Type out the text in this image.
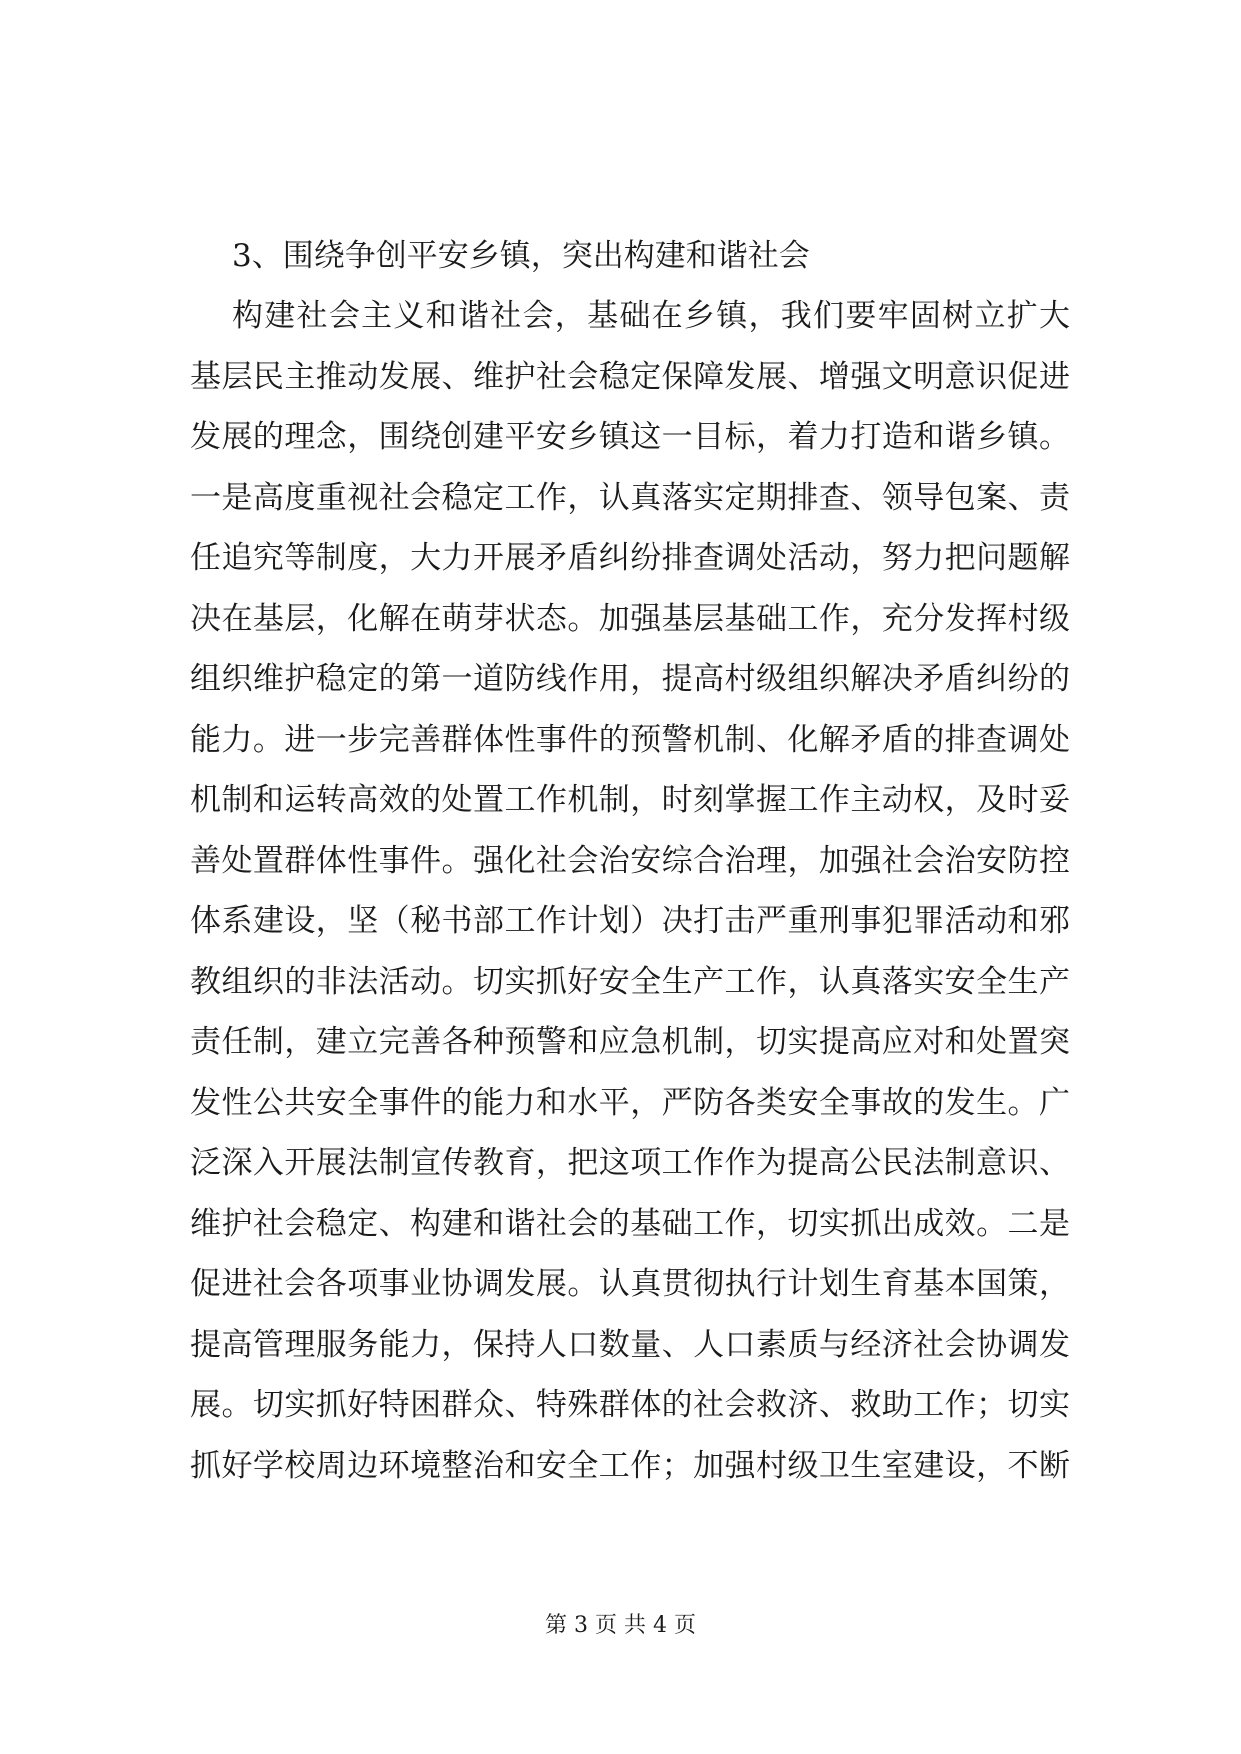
3、围绕争创平安乡镇，突出构建和谐社会
构建社会主义和谐社会，基础在乡镇，我们要牢固树立扩大
基层民主推动发展、维护社会稳定保障发展、增强文明意识促进
发展的理念，围绕创建平安乡镇这一目标，着力打造和谐乡镇。
一是高度重视社会稳定工作，认真落实定期排查、领导包案、责
任追究等制度，大力开展矛盾纠纷排查调处活动，努力把问题解
决在基层，化解在萌芽状态。加强基层基础工作，充分发挥村级
组织维护稳定的第一道防线作用，提高村级组织解决矛盾纠纷的
能力。进一步完善群体性事件的预警机制、化解矛盾的排查调处
机制和运转高效的处置工作机制，时刻掌握工作主动权，及时妥
善处置群体性事件。强化社会治安综合治理，加强社会治安防控
体系建设，坚（秘书部工作计划）决打击严重刑事犯罪活动和邪
教组织的非法活动。切实抓好安全生产工作，认真落实安全生产
责任制，建立完善各种预警和应急机制，切实提高应对和处置突
发性公共安全事件的能力和水平，严防各类安全事故的发生。广
泛深入开展法制宣传教育，把这项工作作为提高公民法制意识、
维护社会稳定、构建和谐社会的基础工作，切实抓出成效。二是
促进社会各项事业协调发展。认真贯彻执行计划生育基本国策，
提高管理服务能力，保持人口数量、人口素质与经济社会协调发
展。切实抓好特困群众、特殊群体的社会救济、救助工作；切实
抓好学校周边环境整治和安全工作；加强村级卫生室建设，不断
第 3 页 共 4 页
